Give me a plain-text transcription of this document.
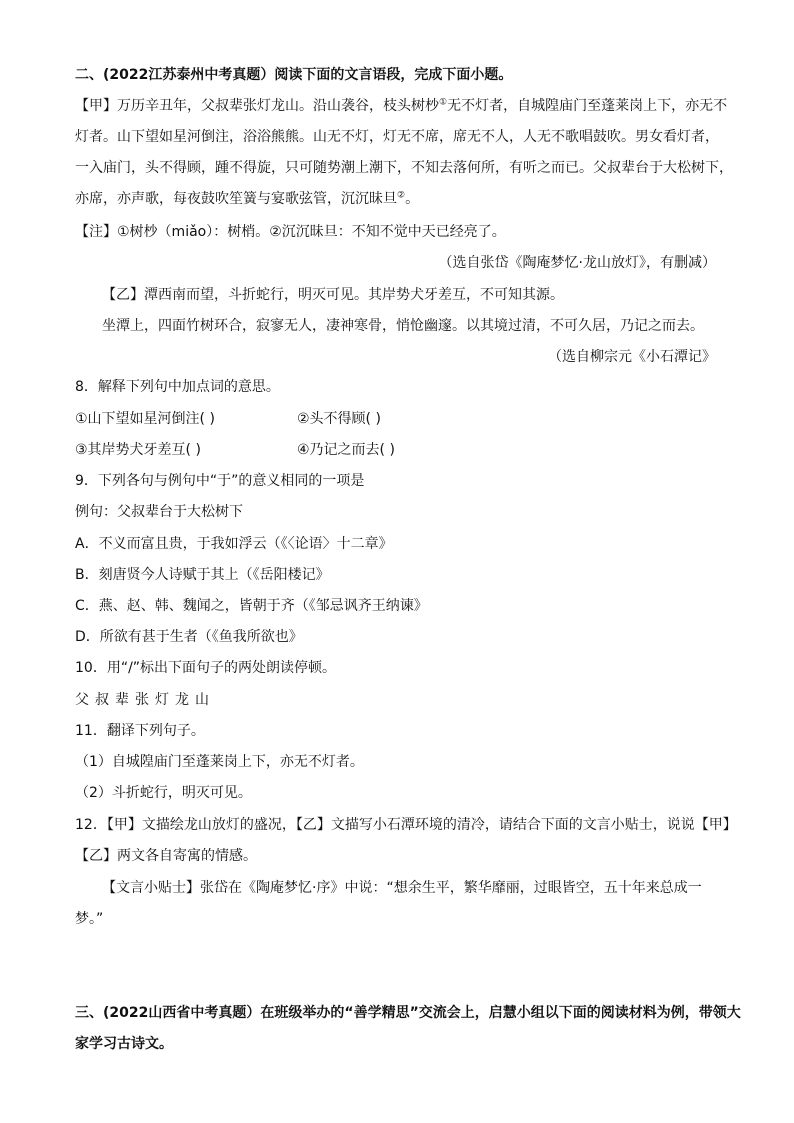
二、(2022江苏泰州中考真题）阅读下面的文言语段，完成下面小题。
【甲】万历辛丑年，父叔辈张灯龙山。沿山袭谷，枝头树杪①无不灯者，自城隍庙门至蓬莱岗上下，亦无不
灯者。山下望如星河倒注，浴浴熊熊。山无不灯，灯无不席，席无不人，人无不歌唱鼓吹。男女看灯者，
一入庙门，头不得顾，踵不得旋，只可随势潮上潮下，不知去落何所，有听之而已。父叔辈台于大松树下，
亦席，亦声歌，每夜鼓吹笙簧与宴歌弦管，沉沉昧旦②。
【注】①树杪（miǎo）：树梢。②沉沉昧旦：不知不觉中天已经亮了。
（选自张岱《陶庵梦忆·龙山放灯》，有删减）
【乙】潭西南而望，斗折蛇行，明灭可见。其岸势犬牙差互，不可知其源。
坐潭上，四面竹树环合，寂寥无人，凄神寒骨，悄怆幽邃。以其境过清，不可久居，乃记之而去。
（选自柳宗元《小石潭记》
8．解释下列句中加点词的意思。
①山下望如星河倒注( )	②头不得顾( )
③其岸势犬牙差互( )	④乃记之而去( )
9．下列各句与例句中“于”的意义相同的一项是
例句：父叔辈台于大松树下
A．不义而富且贵，于我如浮云（《〈论语〉十二章》
B．刻唐贤今人诗赋于其上（《岳阳楼记》
C．燕、赵、韩、魏闻之，皆朝于齐（《邹忌讽齐王纳谏》
D．所欲有甚于生者（《鱼我所欲也》
10．用“/”标出下面句子的两处朗读停顿。
父叔辈张灯龙山
11．翻译下列句子。
（1）自城隍庙门至蓬莱岗上下，亦无不灯者。
（2）斗折蛇行，明灭可见。
12．【甲】文描绘龙山放灯的盛况，【乙】文描写小石潭环境的清冷，请结合下面的文言小贴士，说说【甲】
【乙】两文各自寄寓的情感。
【文言小贴士】张岱在《陶庵梦忆·序》中说：“想余生平，繁华靡丽，过眼皆空，五十年来总成一
梦。”
三、(2022山西省中考真题）在班级举办的“善学精思”交流会上，启慧小组以下面的阅读材料为例，带领大
家学习古诗文。
